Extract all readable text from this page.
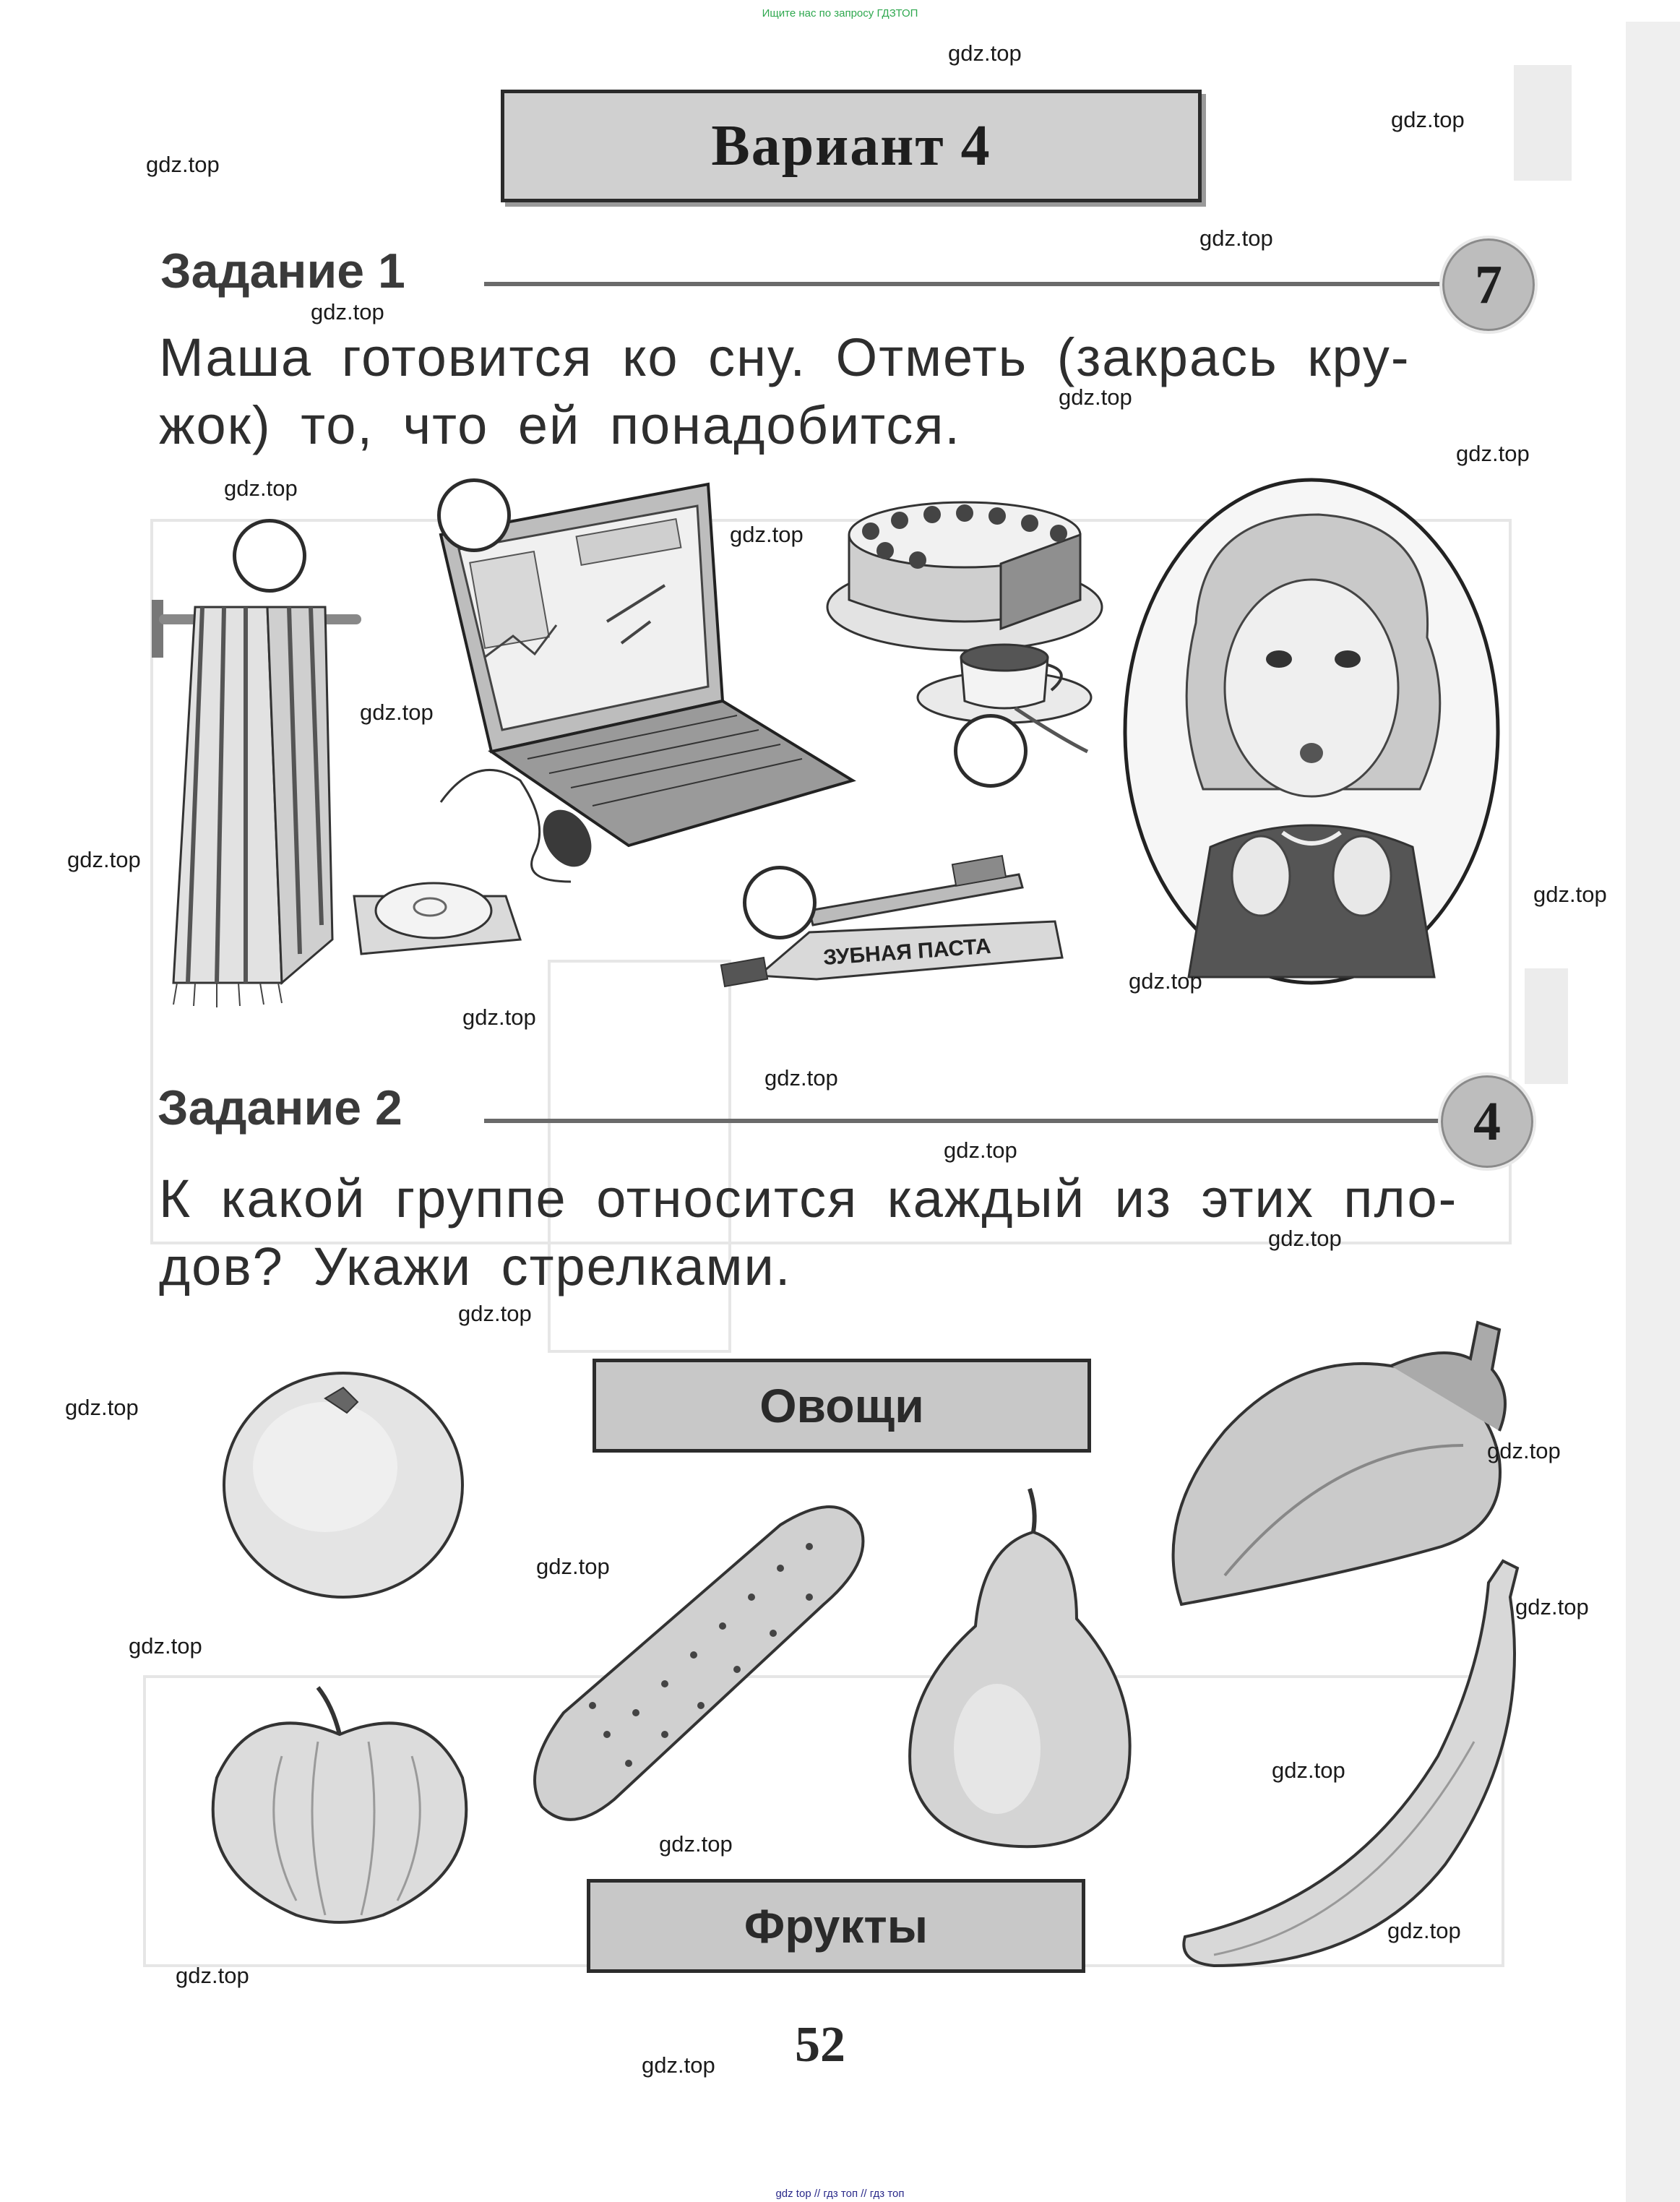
Ищите нас по запросу ГДЗТОП
Вариант 4
Задание 1	7
Маша готовится ко сну. Отметь (закрась кру-
жок) то, что ей понадобится.
ЗУБНАЯ ПАСТА
Задание 2	4
К какой группе относится каждый из этих пло-
дов? Укажи стрелками.
Овощи
Фрукты
52
gdz top // гдз топ // гдз топ
gdz.top
gdz.top
gdz.top
gdz.top
gdz.top
gdz.top
gdz.top
gdz.top
gdz.top
gdz.top
gdz.top
gdz.top
gdz.top
gdz.top
gdz.top
gdz.top
gdz.top
gdz.top
gdz.top
gdz.top
gdz.top
gdz.top
gdz.top
gdz.top
gdz.top
gdz.top
gdz.top
gdz.top
